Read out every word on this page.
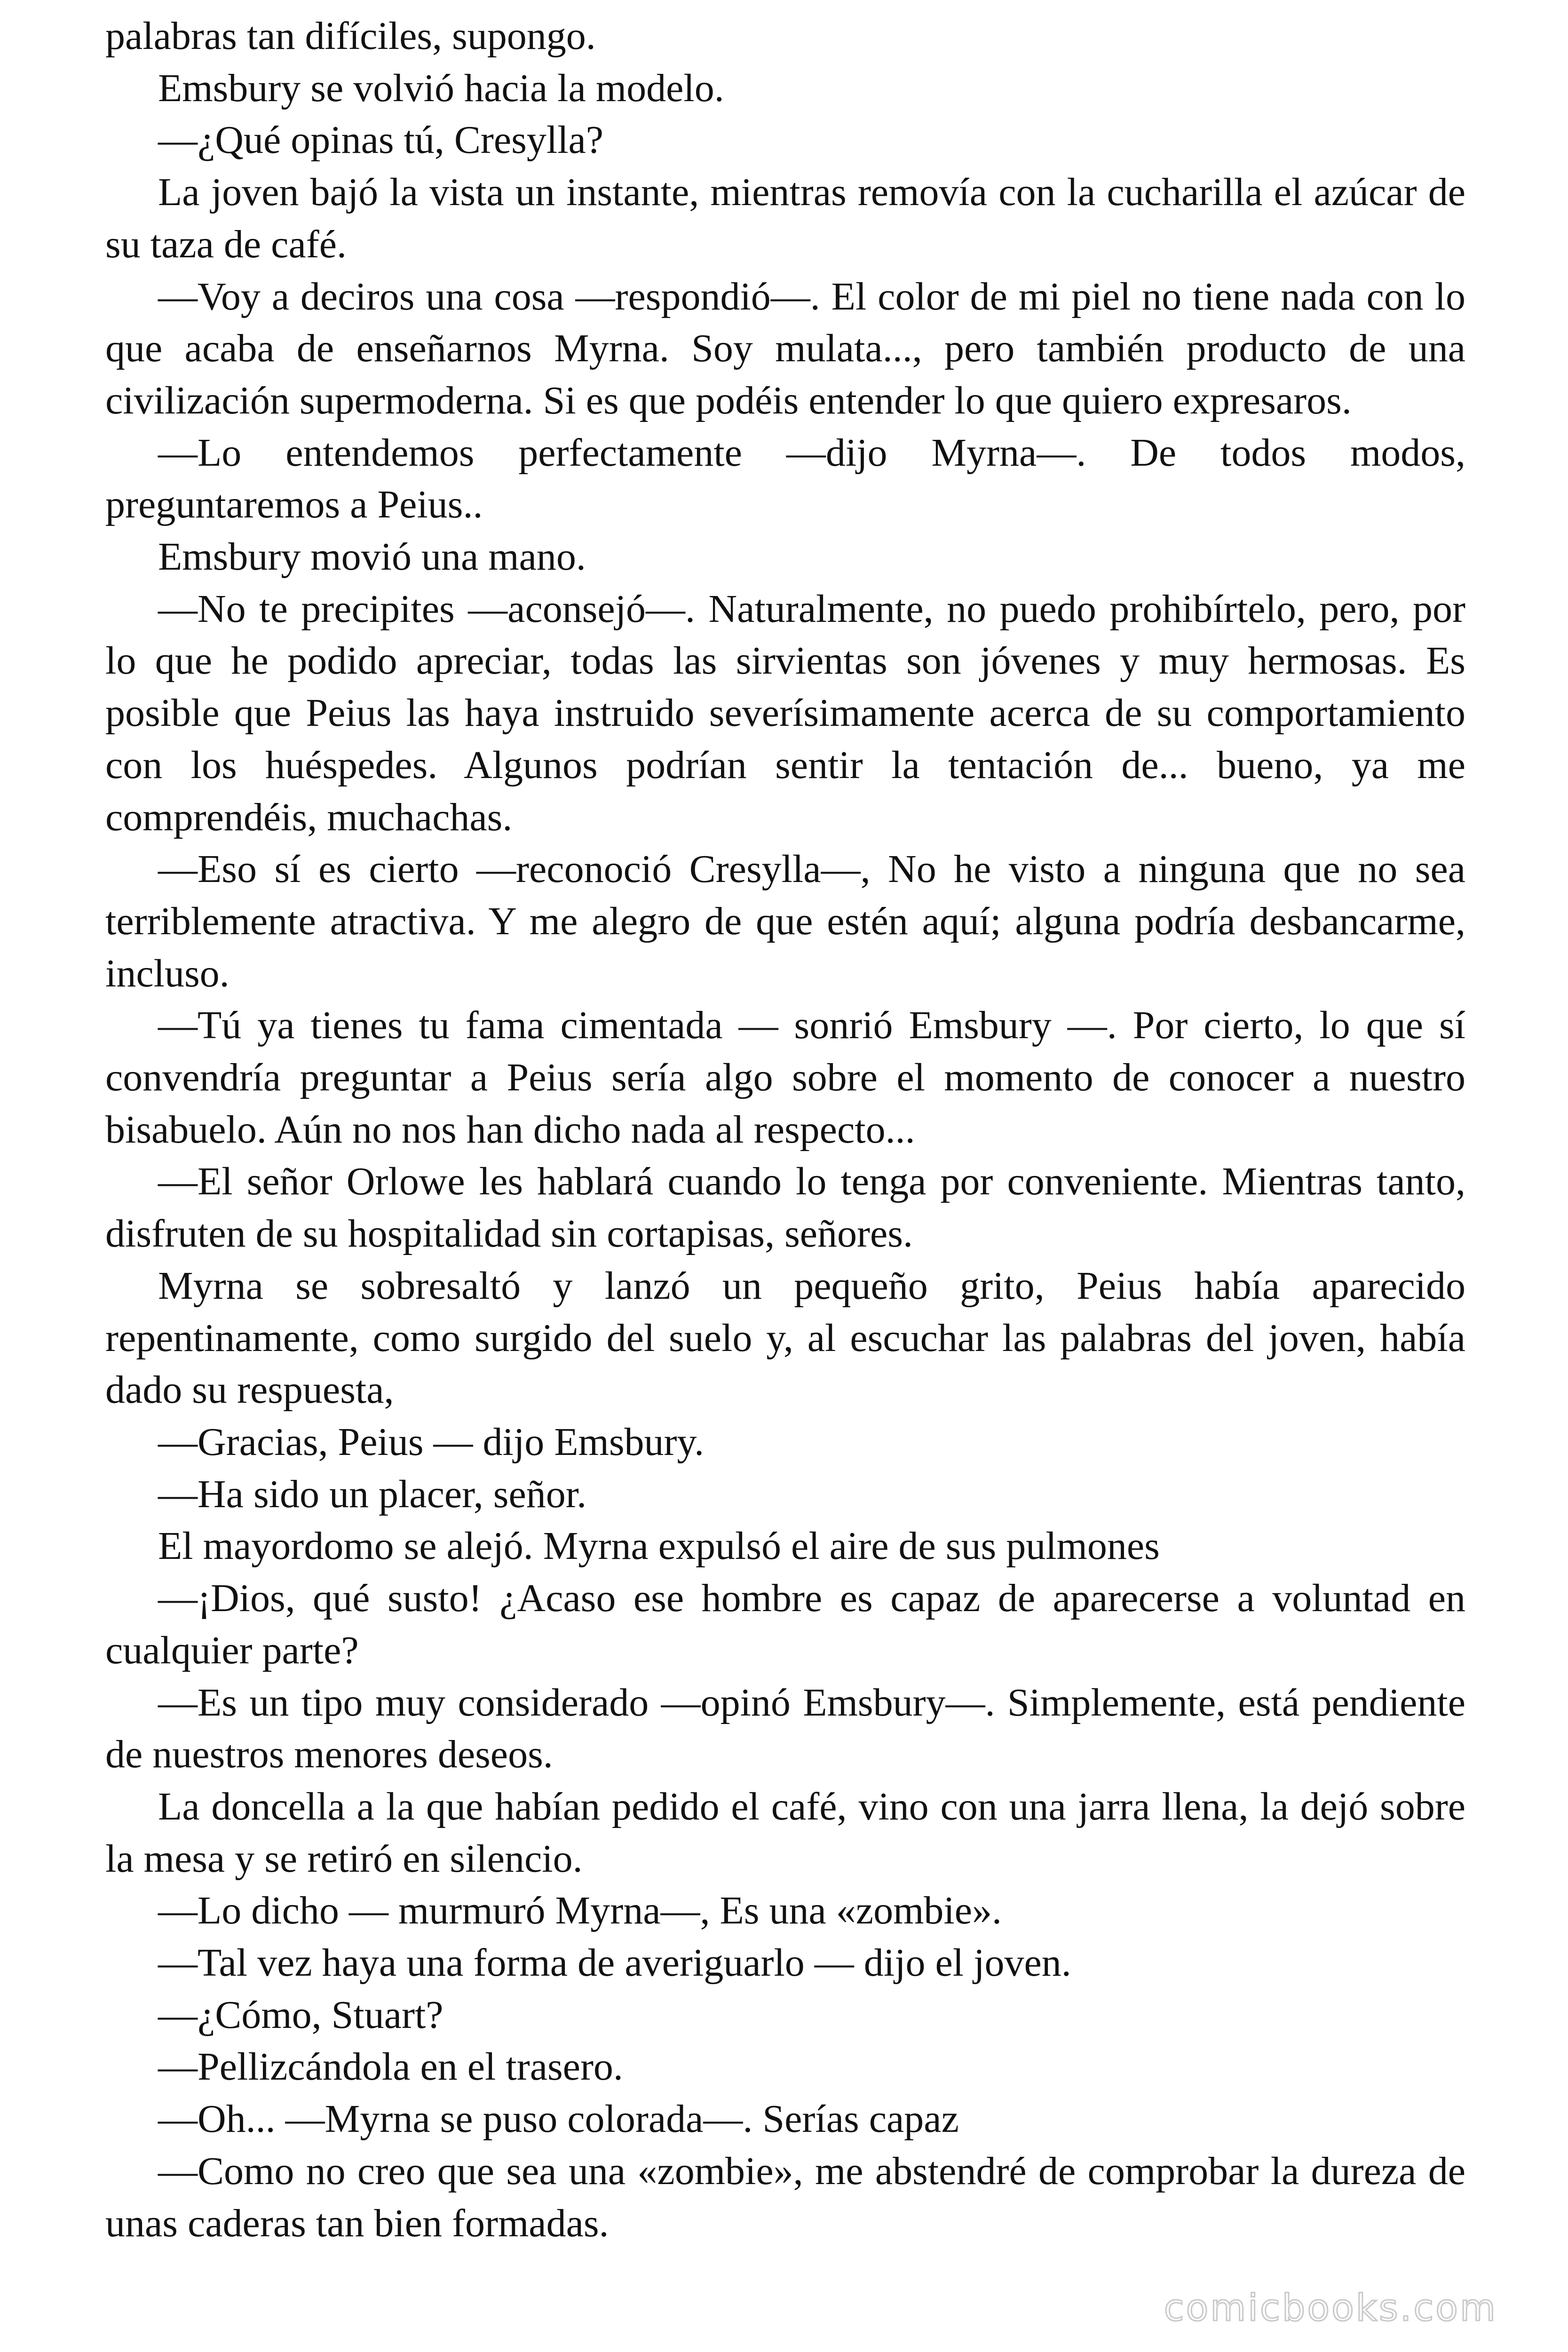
palabras tan difíciles, supongo.

Emsbury se volvió hacia la modelo.

—¿Qué opinas tú, Cresylla?

La joven bajó la vista un instante, mientras removía con la cucharilla el azúcar de su taza de café.

—Voy a deciros una cosa —respondió—. El color de mi piel no tiene nada con lo que acaba de enseñarnos Myrna. Soy mulata..., pero también producto de una civilización supermoderna. Si es que podéis entender lo que quiero expresaros.

—Lo entendemos perfectamente —dijo Myrna—. De todos modos, preguntaremos a Peius..

Emsbury movió una mano.

—No te precipites —aconsejó—. Naturalmente, no puedo prohibírtelo, pero, por lo que he podido apreciar, todas las sirvientas son jóvenes y muy hermosas. Es posible que Peius las haya instruido severísimamente acerca de su comportamiento con los huéspedes. Algunos podrían sentir la tentación de... bueno, ya me comprendéis, muchachas.

—Eso sí es cierto —reconoció Cresylla—, No he visto a ninguna que no sea terriblemente atractiva. Y me alegro de que estén aquí; alguna podría desbancarme, incluso.

—Tú ya tienes tu fama cimentada — sonrió Emsbury —. Por cierto, lo que sí convendría preguntar a Peius sería algo sobre el momento de conocer a nuestro bisabuelo. Aún no nos han dicho nada al respecto...

—El señor Orlowe les hablará cuando lo tenga por conveniente. Mientras tanto, disfruten de su hospitalidad sin cortapisas, señores.

Myrna se sobresaltó y lanzó un pequeño grito, Peius había aparecido repentinamente, como surgido del suelo y, al escuchar las palabras del joven, había dado su respuesta,

—Gracias, Peius — dijo Emsbury.

—Ha sido un placer, señor.

El mayordomo se alejó. Myrna expulsó el aire de sus pulmones

—¡Dios, qué susto! ¿Acaso ese hombre es capaz de aparecerse a voluntad en cualquier parte?

—Es un tipo muy considerado —opinó Emsbury—. Simplemente, está pendiente de nuestros menores deseos.

La doncella a la que habían pedido el café, vino con una jarra llena, la dejó sobre la mesa y se retiró en silencio.

—Lo dicho — murmuró Myrna—, Es una «zombie».

—Tal vez haya una forma de averiguarlo — dijo el joven.

—¿Cómo, Stuart?

—Pellizcándola en el trasero.

—Oh... —Myrna se puso colorada—. Serías capaz

—Como no creo que sea una «zombie», me abstendré de comprobar la dureza de unas caderas tan bien formadas.

comicbooks.com
